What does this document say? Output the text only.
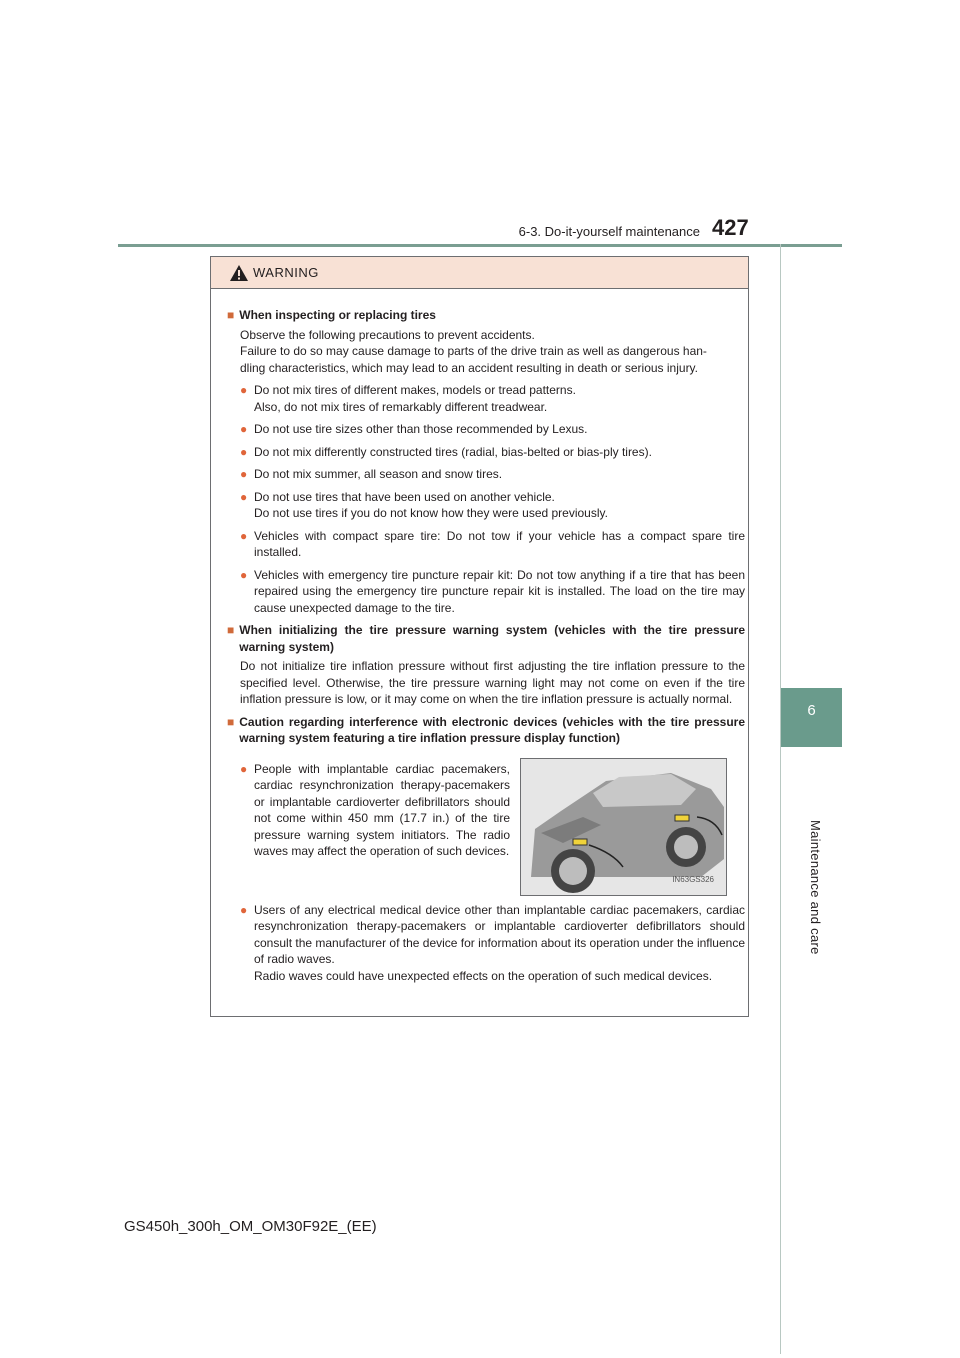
6-3. Do-it-yourself maintenance 427
6
Maintenance and care
WARNING
■ When inspecting or replacing tires
Observe the following precautions to prevent accidents.
Failure to do so may cause damage to parts of the drive train as well as dangerous han-
dling characteristics, which may lead to an accident resulting in death or serious injury.
● Do not mix tires of different makes, models or tread patterns.
Also, do not mix tires of remarkably different treadwear.
● Do not use tire sizes other than those recommended by Lexus.
● Do not mix differently constructed tires (radial, bias-belted or bias-ply tires).
● Do not mix summer, all season and snow tires.
● Do not use tires that have been used on another vehicle.
Do not use tires if you do not know how they were used previously.
● Vehicles with compact spare tire: Do not tow if your vehicle has a compact spare tire installed.
● Vehicles with emergency tire puncture repair kit: Do not tow anything if a tire that has been repaired using the emergency tire puncture repair kit is installed. The load on the tire may cause unexpected damage to the tire.
■ When initializing the tire pressure warning system (vehicles with the tire pressure warning system)
Do not initialize tire inflation pressure without first adjusting the tire inflation pressure to the specified level. Otherwise, the tire pressure warning light may not come on even if the tire inflation pressure is low, or it may come on when the tire inflation pressure is actually normal.
■ Caution regarding interference with electronic devices (vehicles with the tire pressure warning system featuring a tire inflation pressure display function)
● People with implantable cardiac pacemakers, cardiac resynchronization therapy-pacemakers or implantable cardioverter defibrillators should not come within 450 mm (17.7 in.) of the tire pressure warning system initiators. The radio waves may affect the operation of such devices.
IN63GS326
● Users of any electrical medical device other than implantable cardiac pacemakers, cardiac resynchronization therapy-pacemakers or implantable cardioverter defibrillators should consult the manufacturer of the device for information about its operation under the influence of radio waves.
Radio waves could have unexpected effects on the operation of such medical devices.
GS450h_300h_OM_OM30F92E_(EE)
